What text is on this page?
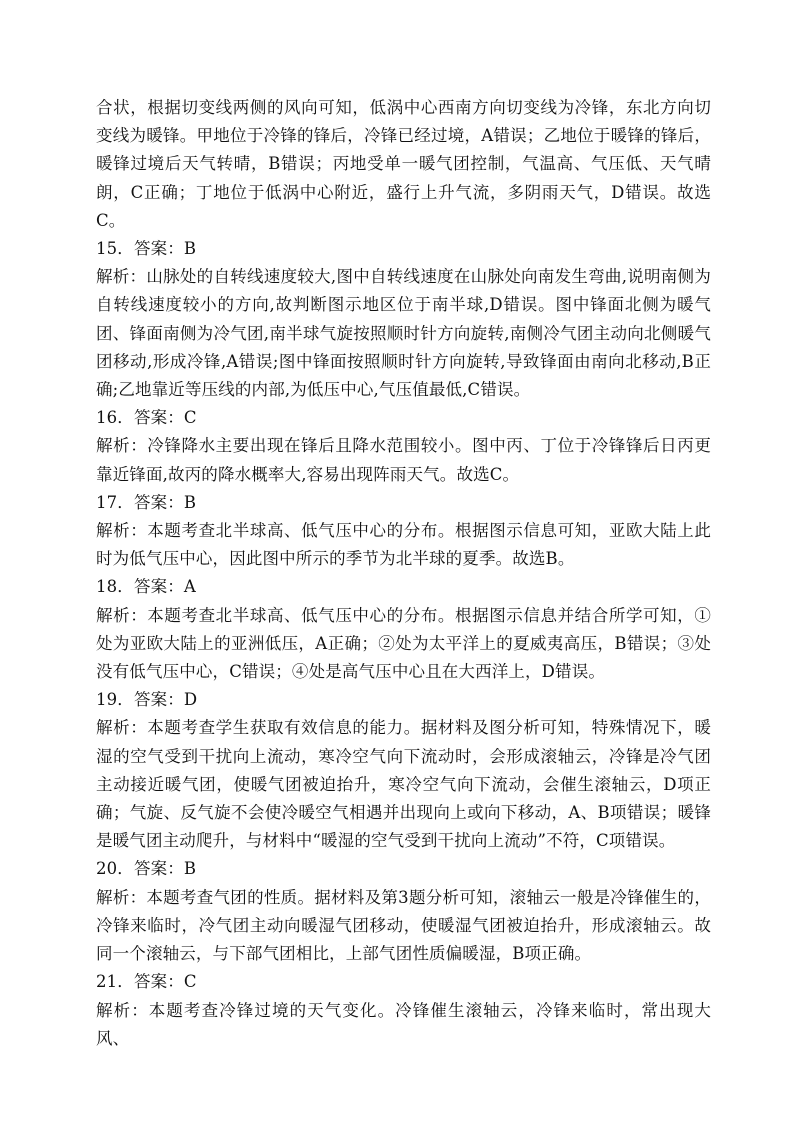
合状，根据切变线两侧的风向可知，低涡中心西南方向切变线为冷锋，东北方向切变线为暖锋。甲地位于冷锋的锋后，冷锋已经过境，A错误；乙地位于暖锋的锋后，暖锋过境后天气转晴，B错误；丙地受单一暖气团控制，气温高、气压低、天气晴朗，C正确；丁地位于低涡中心附近，盛行上升气流，多阴雨天气，D错误。故选C。

15．答案：B

解析：山脉处的自转线速度较大,图中自转线速度在山脉处向南发生弯曲,说明南侧为自转线速度较小的方向,故判断图示地区位于南半球,D错误。图中锋面北侧为暖气团、锋面南侧为冷气团,南半球气旋按照顺时针方向旋转,南侧冷气团主动向北侧暖气团移动,形成冷锋,A错误;图中锋面按照顺时针方向旋转,导致锋面由南向北移动,B正确;乙地靠近等压线的内部,为低压中心,气压值最低,C错误。

16．答案：C

解析：冷锋降水主要出现在锋后且降水范围较小。图中丙、丁位于冷锋锋后日丙更靠近锋面,故丙的降水概率大,容易出现阵雨天气。故选C。

17．答案：B

解析：本题考查北半球高、低气压中心的分布。根据图示信息可知，亚欧大陆上此时为低气压中心，因此图中所示的季节为北半球的夏季。故选B。

18．答案：A

解析：本题考查北半球高、低气压中心的分布。根据图示信息并结合所学可知，①处为亚欧大陆上的亚洲低压，A正确；②处为太平洋上的夏威夷高压，B错误；③处没有低气压中心，C错误；④处是高气压中心且在大西洋上，D错误。

19．答案：D

解析：本题考查学生获取有效信息的能力。据材料及图分析可知，特殊情况下，暖湿的空气受到干扰向上流动，寒冷空气向下流动时，会形成滚轴云，冷锋是冷气团主动接近暖气团，使暖气团被迫抬升，寒冷空气向下流动，会催生滚轴云，D项正确；气旋、反气旋不会使冷暖空气相遇并出现向上或向下移动，A、B项错误；暖锋是暖气团主动爬升，与材料中“暖湿的空气受到干扰向上流动”不符，C项错误。

20．答案：B

解析：本题考查气团的性质。据材料及第3题分析可知，滚轴云一般是冷锋催生的，冷锋来临时，冷气团主动向暖湿气团移动，使暖湿气团被迫抬升，形成滚轴云。故同一个滚轴云，与下部气团相比，上部气团性质偏暖湿，B项正确。

21．答案：C

解析：本题考查冷锋过境的天气变化。冷锋催生滚轴云，冷锋来临时，常出现大风、
